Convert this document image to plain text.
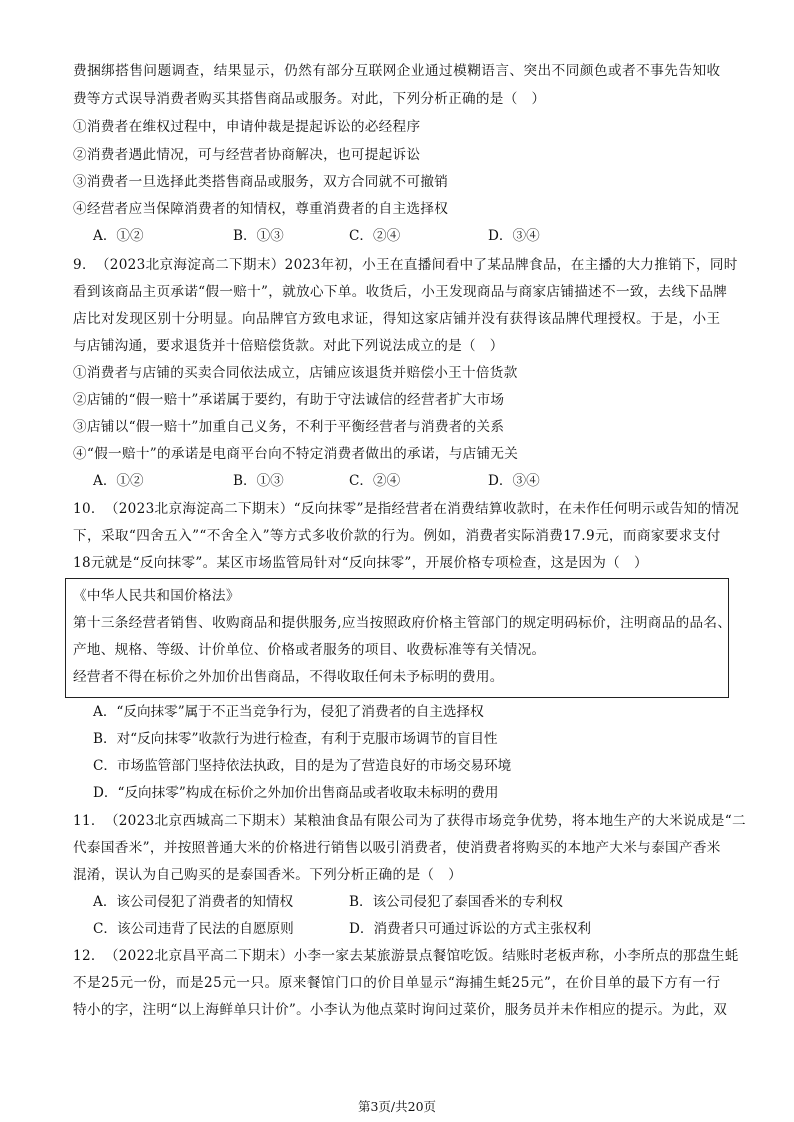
费 捆 绑 搭 售 问 题 调 查 ， 结 果 显 示 ， 仍 然 有 部 分 互 联 网 企 业 通 过 模 糊 语 言 、 突 出 不 同 颜 色 或 者 不 事 先 告 知 收
费等方式误导消费者购买其搭售商品或服务。对此，下列分析正确的是（　）
①消费者在维权过程中，申请仲裁是提起诉讼的必经程序
②消费者遇此情况，可与经营者协商解决，也可提起诉讼
③消费者一旦选择此类搭售商品或服务，双方合同就不可撤销
④经营者应当保障消费者的知情权，尊重消费者的自主选择权
A．①②	B．①③	C．②④	D．③④
9 ． （ 2 0 2 3 北 京 海 淀 高 二 下 期 末 ） 2 0 2 3 年 初 ， 小 王 在 直 播 间 看 中 了 某 品 牌 食 品 ， 在 主 播 的 大 力 推 销 下 ， 同 时
看 到 该 商 品 主 页 承 诺 “ 假 一 赔 十 ” ， 就 放 心 下 单 。 收 货 后 ， 小 王 发 现 商 品 与 商 家 店 铺 描 述 不 一 致 ， 去 线 下 品 牌
店 比 对 发 现 区 别 十 分 明 显 。 向 品 牌 官 方 致 电 求 证 ， 得 知 这 家 店 铺 并 没 有 获 得 该 品 牌 代 理 授 权 。 于 是 ， 小 王
与店铺沟通，要求退货并十倍赔偿货款。对此下列说法成立的是（　）
①消费者与店铺的买卖合同依法成立，店铺应该退货并赔偿小王十倍货款
②店铺的“假一赔十”承诺属于要约，有助于守法诚信的经营者扩大市场
③店铺以“假一赔十”加重自己义务，不利于平衡经营者与消费者的关系
④“假一赔十”的承诺是电商平台向不特定消费者做出的承诺，与店铺无关
A．①②	B．①③	C．②④	D．③④
1 0 ． （ 2 0 2 3 北 京 海 淀 高 二 下 期 末 ） “ 反 向 抹 零 ” 是 指 经 营 者 在 消 费 结 算 收 款 时 ， 在 未 作 任 何 明 示 或 告 知 的 情 况
下 ， 采 取 “ 四 舍 五 入 ” “ 不 舍 全 入 ” 等 方 式 多 收 价 款 的 行 为 。 例 如 ， 消 费 者 实 际 消 费 1 7 . 9 元 ， 而 商 家 要 求 支 付
18元就是“反向抹零”。某区市场监管局针对“反向抹零”，开展价格专项检查，这是因为（　）
《中华人民共和国价格法》
第 十 三 条 经 营 者 销 售 、 收 购 商 品 和 提 供 服 务 , 应 当 按 照 政 府 价 格 主 管 部 门 的 规 定 明 码 标 价 ， 注 明 商 品 的 品 名 、
产地、规格、等级、计价单位、价格或者服务的项目、收费标准等有关情况。
经营者不得在标价之外加价出售商品，不得收取任何未予标明的费用。
A．“反向抹零”属于不正当竞争行为，侵犯了消费者的自主选择权
B．对“反向抹零”收款行为进行检查，有利于克服市场调节的盲目性
C．市场监管部门坚持依法执政，目的是为了营造良好的市场交易环境
D．“反向抹零”构成在标价之外加价出售商品或者收取未标明的费用
1 1 ． （ 2 0 2 3 北 京 西 城 高 二 下 期 末 ） 某 粮 油 食 品 有 限 公 司 为 了 获 得 市 场 竞 争 优 势 ， 将 本 地 生 产 的 大 米 说 成 是 “ 二
代 泰 国 香 米 ” ， 并 按 照 普 通 大 米 的 价 格 进 行 销 售 以 吸 引 消 费 者 ， 使 消 费 者 将 购 买 的 本 地 产 大 米 与 泰 国 产 香 米
混淆，误认为自己购买的是泰国香米。下列分析正确的是（　）
A．该公司侵犯了消费者的知情权	B．该公司侵犯了泰国香米的专利权
C．该公司违背了民法的自愿原则	D．消费者只可通过诉讼的方式主张权利
1 2 ． （ 2 0 2 2 北 京 昌 平 高 二 下 期 末 ） 小 李 一 家 去 某 旅 游 景 点 餐 馆 吃 饭 。 结 账 时 老 板 声 称 ， 小 李 所 点 的 那 盘 生 蚝
不 是 2 5 元 一 份 ， 而 是 2 5 元 一 只 。 原 来 餐 馆 门 口 的 价 目 单 显 示 “ 海 捕 生 蚝 2 5 元 ” ， 在 价 目 单 的 最 下 方 有 一 行
特 小 的 字 ， 注 明 “ 以 上 海 鲜 单 只 计 价 ” 。 小 李 认 为 他 点 菜 时 询 问 过 菜 价 ， 服 务 员 并 未 作 相 应 的 提 示 。 为 此 ， 双
第3页/共20页
